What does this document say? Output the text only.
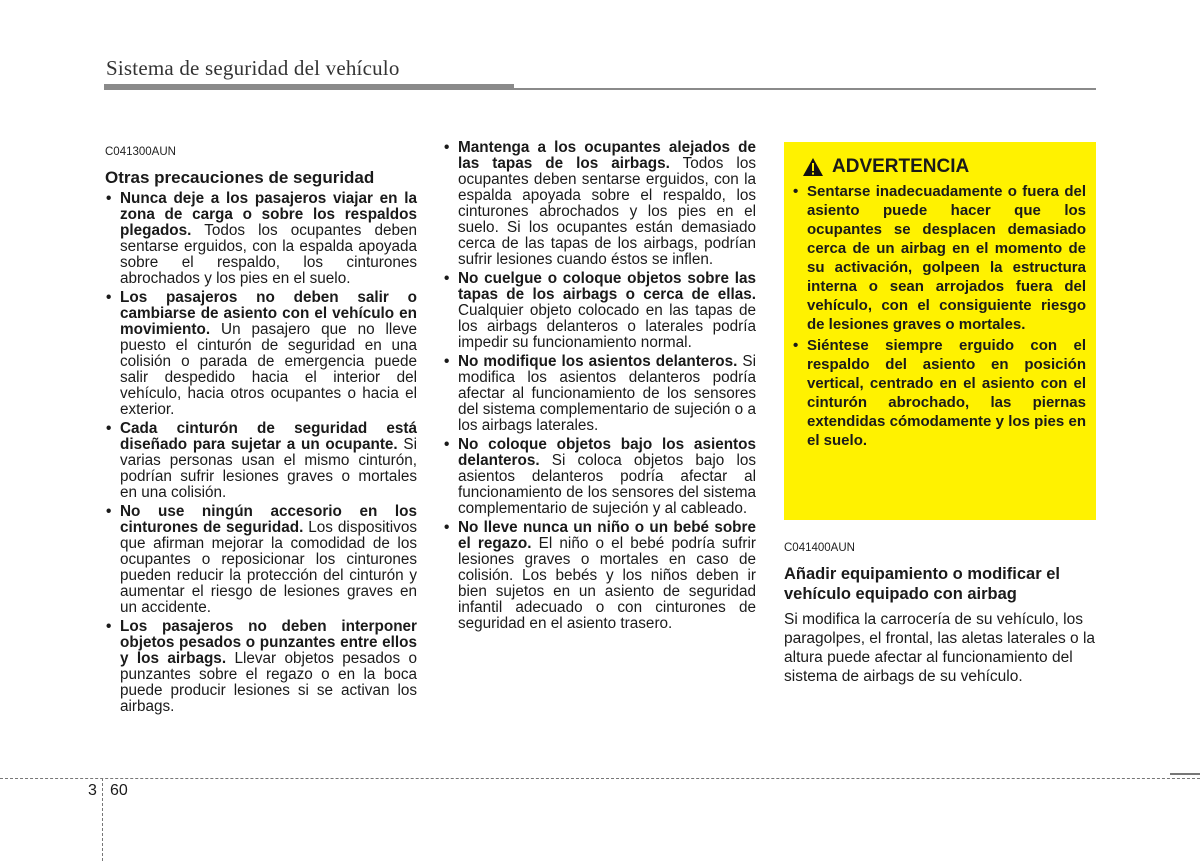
Sistema de seguridad del vehículo
C041300AUN
Otras precauciones de seguridad
• Nunca deje a los pasajeros viajar en la zona de carga o sobre los respaldos plegados. Todos los ocupantes deben sentarse erguidos, con la espalda apoyada sobre el respaldo, los cinturones abrochados y los pies en el suelo.
• Los pasajeros no deben salir o cambiarse de asiento con el vehículo en movimiento. Un pasajero que no lleve puesto el cinturón de seguridad en una colisión o parada de emergencia puede salir despedido hacia el interior del vehículo, hacia otros ocupantes o hacia el exterior.
• Cada cinturón de seguridad está diseñado para sujetar a un ocupante. Si varias personas usan el mismo cinturón, podrían sufrir lesiones graves o mortales en una colisión.
• No use ningún accesorio en los cinturones de seguridad. Los dispositivos que afirman mejorar la comodidad de los ocupantes o reposicionar los cinturones pueden reducir la protección del cinturón y aumentar el riesgo de lesiones graves en un accidente.
• Los pasajeros no deben interponer objetos pesados o punzantes entre ellos y los airbags. Llevar objetos pesados o punzantes sobre el regazo o en la boca puede producir lesiones si se activan los airbags.
• Mantenga a los ocupantes alejados de las tapas de los airbags. Todos los ocupantes deben sentarse erguidos, con la espalda apoyada sobre el respaldo, los cinturones abrochados y los pies en el suelo. Si los ocupantes están demasiado cerca de las tapas de los airbags, podrían sufrir lesiones cuando éstos se inflen.
• No cuelgue o coloque objetos sobre las tapas de los airbags o cerca de ellas. Cualquier objeto colocado en las tapas de los airbags delanteros o laterales podría impedir su funcionamiento normal.
• No modifique los asientos delanteros. Si modifica los asientos delanteros podría afectar al funcionamiento de los sensores del sistema complementario de sujeción o a los airbags laterales.
• No coloque objetos bajo los asientos delanteros. Si coloca objetos bajo los asientos delanteros podría afectar al funcionamiento de los sensores del sistema complementario de sujeción y al cableado.
• No lleve nunca un niño o un bebé sobre el regazo. El niño o el bebé podría sufrir lesiones graves o mortales en caso de colisión. Los bebés y los niños deben ir bien sujetos en un asiento de seguridad infantil adecuado o con cinturones de seguridad en el asiento trasero.
ADVERTENCIA
• Sentarse inadecuadamente o fuera del asiento puede hacer que los ocupantes se desplacen demasiado cerca de un airbag en el momento de su activación, golpeen la estructura interna o sean arrojados fuera del vehículo, con el consiguiente riesgo de lesiones graves o mortales.
• Siéntese siempre erguido con el respaldo del asiento en posición vertical, centrado en el asiento con el cinturón abrochado, las piernas extendidas cómodamente y los pies en el suelo.
C041400AUN
Añadir equipamiento o modificar el vehículo equipado con airbag
Si modifica la carrocería de su vehículo, los paragolpes, el frontal, las aletas laterales o la altura puede afectar al funcionamiento del sistema de airbags de su vehículo.
3 60
